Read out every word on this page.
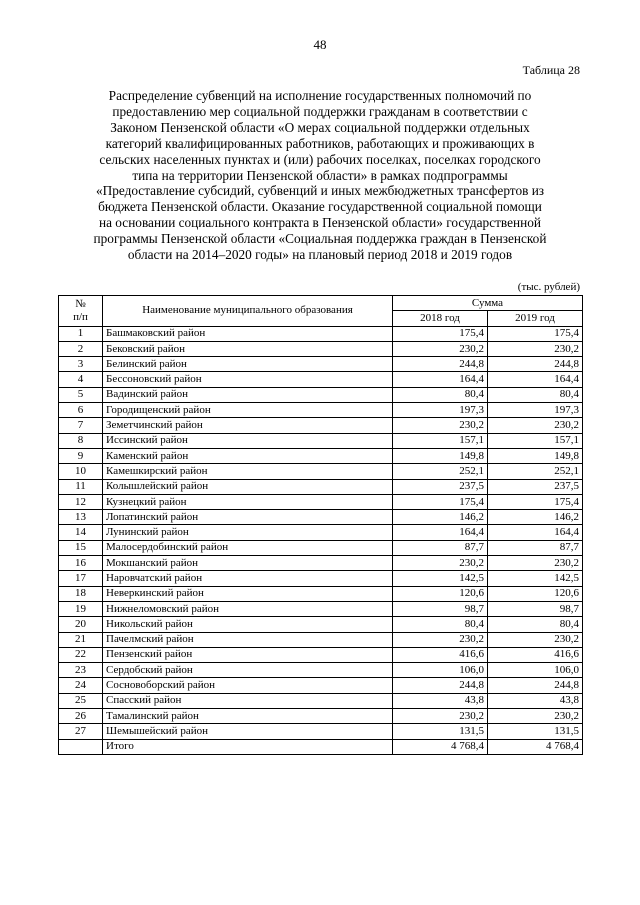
48
Таблица 28
Распределение субвенций на исполнение государственных полномочий по
предоставлению мер социальной поддержки гражданам в соответствии с
Законом Пензенской области «О мерах социальной поддержки отдельных
категорий квалифицированных работников, работающих и проживающих в
сельских населенных пунктах и (или) рабочих поселках, поселках городского
типа на территории Пензенской области» в рамках подпрограммы
«Предоставление субсидий, субвенций и иных межбюджетных трансфертов из
бюджета Пензенской области. Оказание государственной социальной помощи
на основании социального контракта в Пензенской области» государственной
программы Пензенской области «Социальная поддержка граждан в Пензенской
области на 2014–2020 годы» на плановый период 2018 и 2019 годов
(тыс. рублей)
№
п/п	Наименование муниципального образования	Сумма	
		2018 год	2019 год
1	Башмаковский район	175,4	175,4
2	Бековский район	230,2	230,2
3	Белинский район	244,8	244,8
4	Бессоновский район	164,4	164,4
5	Вадинский район	80,4	80,4
6	Городищенский район	197,3	197,3
7	Земетчинский район	230,2	230,2
8	Иссинский район	157,1	157,1
9	Каменский район	149,8	149,8
10	Камешкирский район	252,1	252,1
11	Колышлейский район	237,5	237,5
12	Кузнецкий район	175,4	175,4
13	Лопатинский район	146,2	146,2
14	Лунинский район	164,4	164,4
15	Малосердобинский район	87,7	87,7
16	Мокшанский район	230,2	230,2
17	Наровчатский район	142,5	142,5
18	Неверкинский район	120,6	120,6
19	Нижнеломовский район	98,7	98,7
20	Никольский район	80,4	80,4
21	Пачелмский район	230,2	230,2
22	Пензенский район	416,6	416,6
23	Сердобский район	106,0	106,0
24	Сосновоборский район	244,8	244,8
25	Спасский район	43,8	43,8
26	Тамалинский район	230,2	230,2
27	Шемышейский район	131,5	131,5
	Итого	4 768,4	4 768,4
